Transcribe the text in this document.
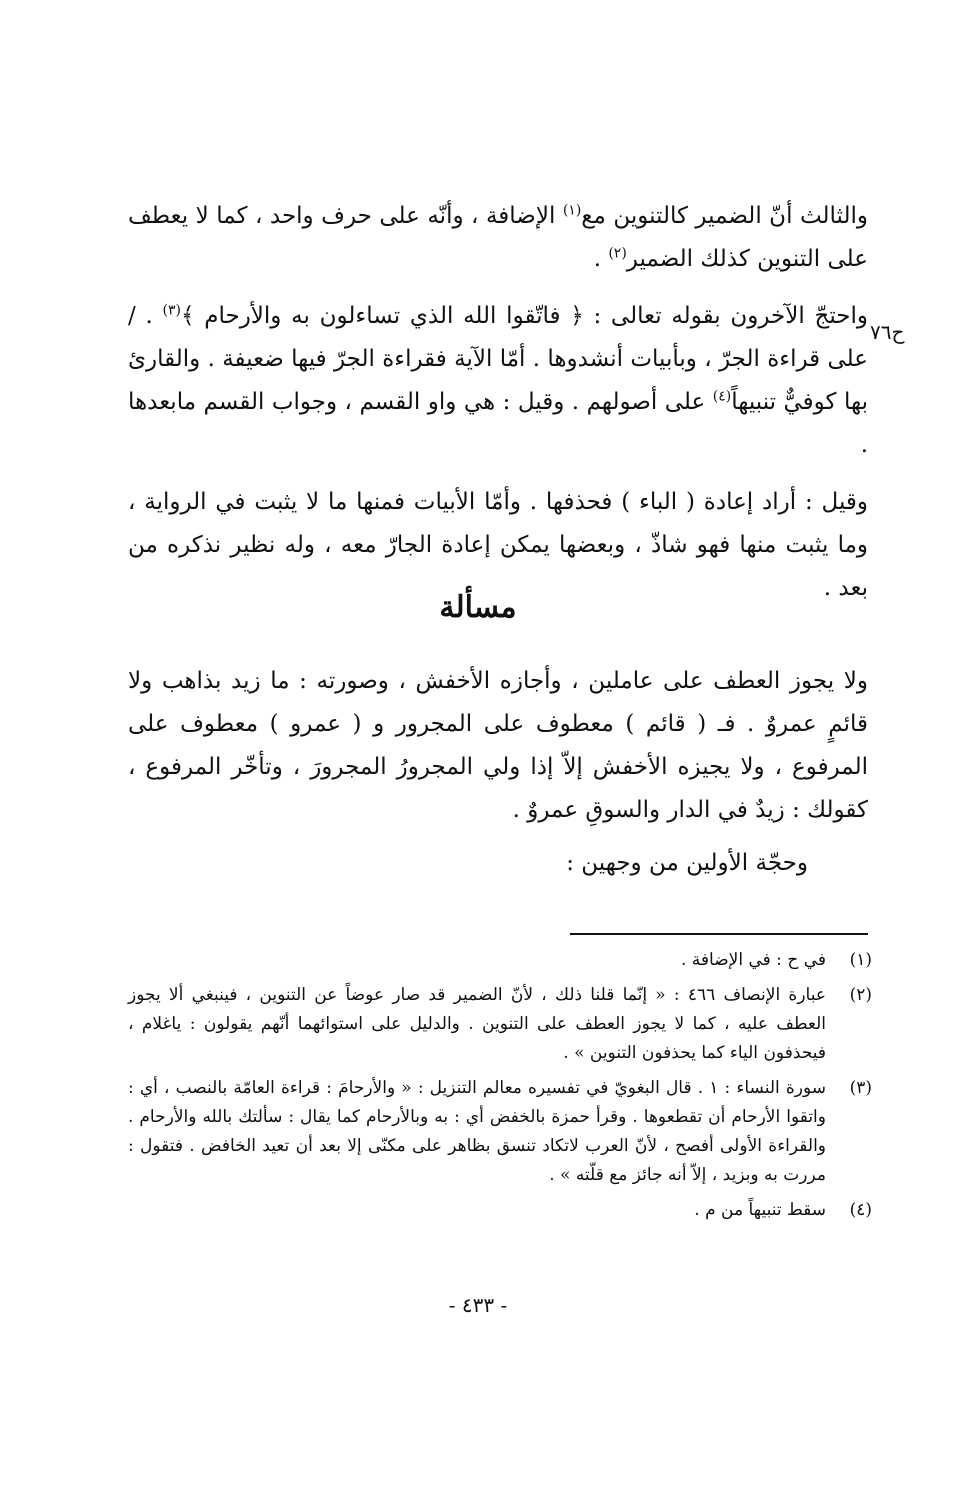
ح٧٦

والثالث أنّ الضمير كالتنوين مع$^{(١)}$ الإضافة ، وأنّه على حرف واحد ، كما لا يعطف على التنوين كذلك الضمير$^{(٢)}$ .

واحتجّ الآخرون بقوله تعالى : ﴿ فاتّقوا الله الذي تساءلون به والأرحام ﴾$^{(٣)}$ . / على قراءة الجرّ ، وبأبيات أنشدوها . أمّا الآية فقراءة الجرّ فيها ضعيفة . والقارئ بها كوفيٌّ تنبيهاً$^{(٤)}$ على أصولهم . وقيل : هي واو القسم ، وجواب القسم مابعدها .

وقيل : أراد إعادة ( الباء ) فحذفها . وأمّا الأبيات فمنها ما لا يثبت في الرواية ، وما يثبت منها فهو شاذّ ، وبعضها يمكن إعادة الجارّ معه ، وله نظير نذكره من بعد .

مسألة

ولا يجوز العطف على عاملين ، وأجازه الأخفش ، وصورته : ما زيد بذاهب ولا قائمٍ عمروٌ . فـ ( قائم ) معطوف على المجرور و ( عمرو ) معطوف على المرفوع ، ولا يجيزه الأخفش إلاّ إذا ولي المجرورُ المجرورَ ، وتأخّر المرفوع ، كقولك : زيدٌ في الدار والسوقِ عمروٌ .

وحجّة الأولين من وجهين :

(١)
في ح : في الإضافة .
(٢)
عبارة الإنصاف ٤٦٦ : « إنّما قلنا ذلك ، لأنّ الضمير قد صار عوضاً عن التنوين ، فينبغي ألا يجوز العطف عليه ، كما لا يجوز العطف على التنوين . والدليل على استوائهما أنّهم يقولون : ياغلام ، فيحذفون الياء كما يحذفون التنوين » .
(٣)
سورة النساء : ١ . قال البغويّ في تفسيره معالم التنزيل : « والأرحامَ : قراءة العامّة بالنصب ، أي : واتقوا الأرحام أن تقطعوها . وقرأ حمزة بالخفض أي : به وبالأرحام كما يقال : سألتك بالله والأرحام . والقراءة الأولى أفصح ، لأنّ العرب لاتكاد تنسق بظاهر على مكنّى إلا بعد أن تعيد الخافض . فتقول : مررت به وبزيد ، إلاّ أنه جائز مع قلّته » .
(٤)
سقط تنبيهاً من م .
- ٤٣٣ -
